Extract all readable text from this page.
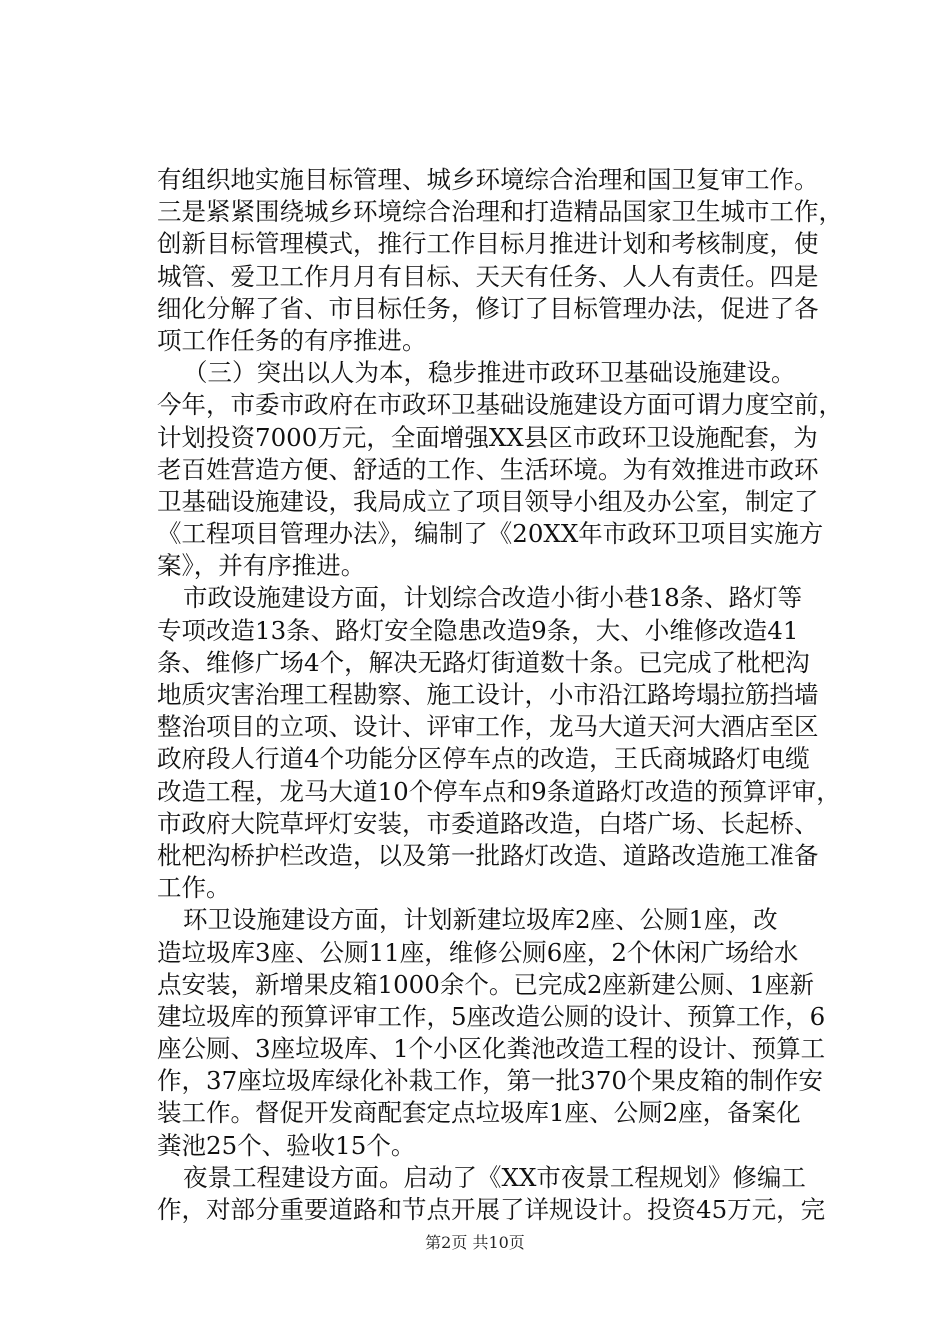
有组织地实施目标管理、城乡环境综合治理和国卫复审工作。
三是紧紧围绕城乡环境综合治理和打造精品国家卫生城市工作，
创新目标管理模式，推行工作目标月推进计划和考核制度，使
城管、爱卫工作月月有目标、天天有任务、人人有责任。四是
细化分解了省、市目标任务，修订了目标管理办法，促进了各
项工作任务的有序推进。
（三）突出以人为本，稳步推进市政环卫基础设施建设。
今年，市委市政府在市政环卫基础设施建设方面可谓力度空前，
计划投资7000万元，全面增强XX县区市政环卫设施配套，为
老百姓营造方便、舒适的工作、生活环境。为有效推进市政环
卫基础设施建设，我局成立了项目领导小组及办公室，制定了
《工程项目管理办法》，编制了《20XX年市政环卫项目实施方
案》，并有序推进。
市政设施建设方面，计划综合改造小街小巷18条、路灯等
专项改造13条、路灯安全隐患改造9条，大、小维修改造41
条、维修广场4个，解决无路灯街道数十条。已完成了枇杷沟
地质灾害治理工程勘察、施工设计，小市沿江路垮塌拉筋挡墙
整治项目的立项、设计、评审工作，龙马大道天河大酒店至区
政府段人行道4个功能分区停车点的改造，王氏商城路灯电缆
改造工程，龙马大道10个停车点和9条道路灯改造的预算评审，
市政府大院草坪灯安装，市委道路改造，白塔广场、长起桥、
枇杷沟桥护栏改造，以及第一批路灯改造、道路改造施工准备
工作。
环卫设施建设方面，计划新建垃圾库2座、公厕1座，改
造垃圾库3座、公厕11座，维修公厕6座，2个休闲广场给水
点安装，新增果皮箱1000余个。已完成2座新建公厕、1座新
建垃圾库的预算评审工作，5座改造公厕的设计、预算工作，6
座公厕、3座垃圾库、1个小区化粪池改造工程的设计、预算工
作，37座垃圾库绿化补栽工作，第一批370个果皮箱的制作安
装工作。督促开发商配套定点垃圾库1座、公厕2座，备案化
粪池25个、验收15个。
夜景工程建设方面。启动了《XX市夜景工程规划》修编工
作，对部分重要道路和节点开展了详规设计。投资45万元，完
第2页 共10页
